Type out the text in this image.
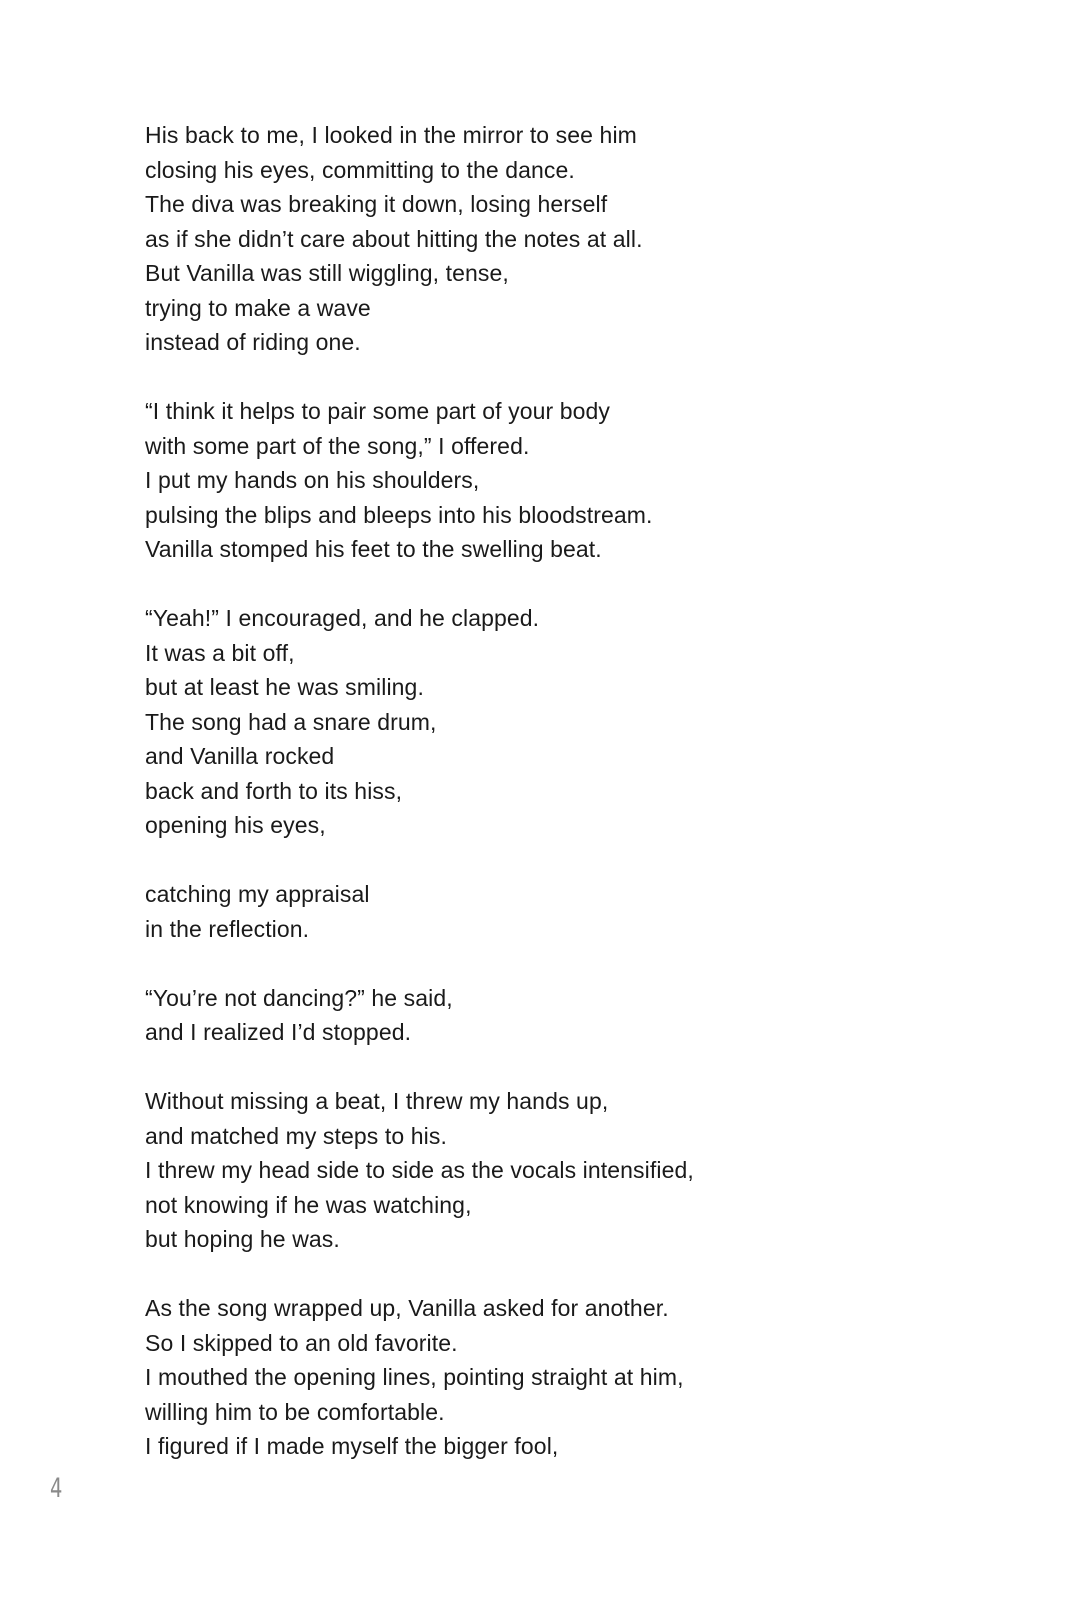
His back to me, I looked in the mirror to see him
closing his eyes, committing to the dance.
The diva was breaking it down, losing herself
as if she didn’t care about hitting the notes at all.
But Vanilla was still wiggling, tense,
trying to make a wave
instead of riding one.
“I think it helps to pair some part of your body
with some part of the song,” I offered.
I put my hands on his shoulders,
pulsing the blips and bleeps into his bloodstream.
Vanilla stomped his feet to the swelling beat.
“Yeah!” I encouraged, and he clapped.
It was a bit off,
but at least he was smiling.
The song had a snare drum,
and Vanilla rocked
back and forth to its hiss,
opening his eyes,
catching my appraisal
in the reflection.
“You’re not dancing?” he said,
and I realized I’d stopped.
Without missing a beat, I threw my hands up,
and matched my steps to his.
I threw my head side to side as the vocals intensified,
not knowing if he was watching,
but hoping he was.
As the song wrapped up, Vanilla asked for another.
So I skipped to an old favorite.
I mouthed the opening lines, pointing straight at him,
willing him to be comfortable.
I figured if I made myself the bigger fool,
4
